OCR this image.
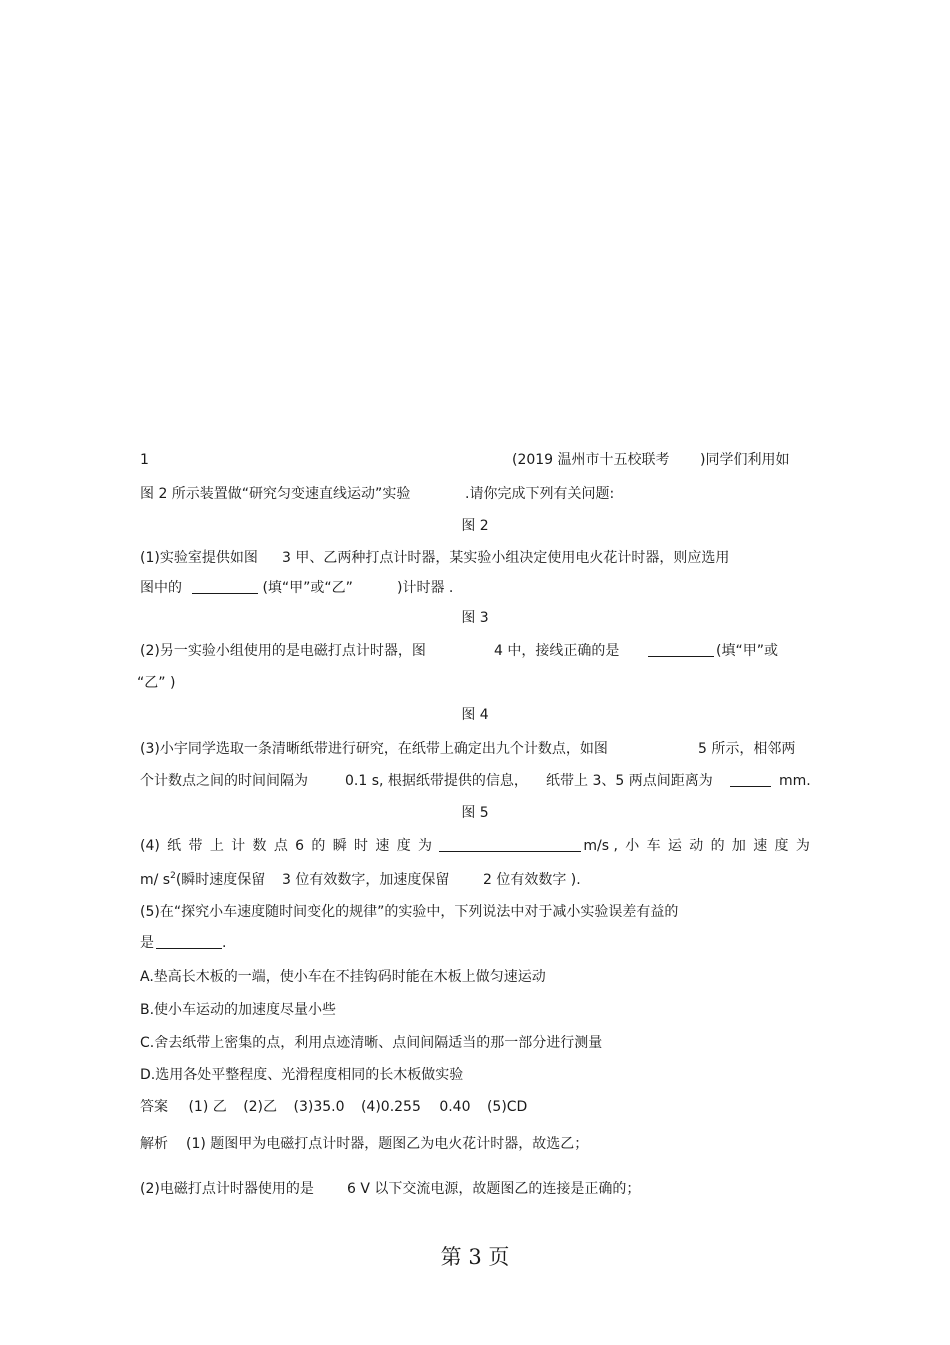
1	(2019 温州市十五校联考 )同学们利用如
图 2 所示装置做“研究匀变速直线运动”实验	.请你完成下列有关问题:
图 2
(1)实验室提供如图 3 甲、乙两种打点计时器，某实验小组决定使用电火花计时器，则应选用
图中的	(填“甲”或“乙”	)计时器 .
图 3
(2)另一实验小组使用的是电磁打点计时器，图	4 中，接线正确的是	(填“甲”或
“乙” )
图 4
(3)小宇同学选取一条清晰纸带进行研究，在纸带上确定出九个计数点，如图	5 所示，相邻两
个计数点之间的时间间隔为	0.1 s, 根据纸带提供的信息， 纸带上 3、5 两点间距离为	mm.
图 5
(4) 纸 带 上 计 数 点 6 的 瞬 时 速 度 为	m/s , 小 车 运 动 的 加 速 度 为
m/ $s^2$(瞬时速度保留 3 位有效数字，加速度保留 2 位有效数字 ).
(5)在“探究小车速度随时间变化的规律”的实验中，下列说法中对于减小实验误差有益的
是	.
A.垫高长木板的一端，使小车在不挂钩码时能在木板上做匀速运动
B.使小车运动的加速度尽量小些
C.舍去纸带上密集的点，利用点迹清晰、点间间隔适当的那一部分进行测量
D.选用各处平整程度、光滑程度相同的长木板做实验
答案 (1) 乙 (2)乙 (3)35.0 (4)0.255 0.40 (5)CD
解析 (1) 题图甲为电磁打点计时器，题图乙为电火花计时器，故选乙；
(2)电磁打点计时器使用的是 6 V 以下交流电源，故题图乙的连接是正确的；
第 3 页
